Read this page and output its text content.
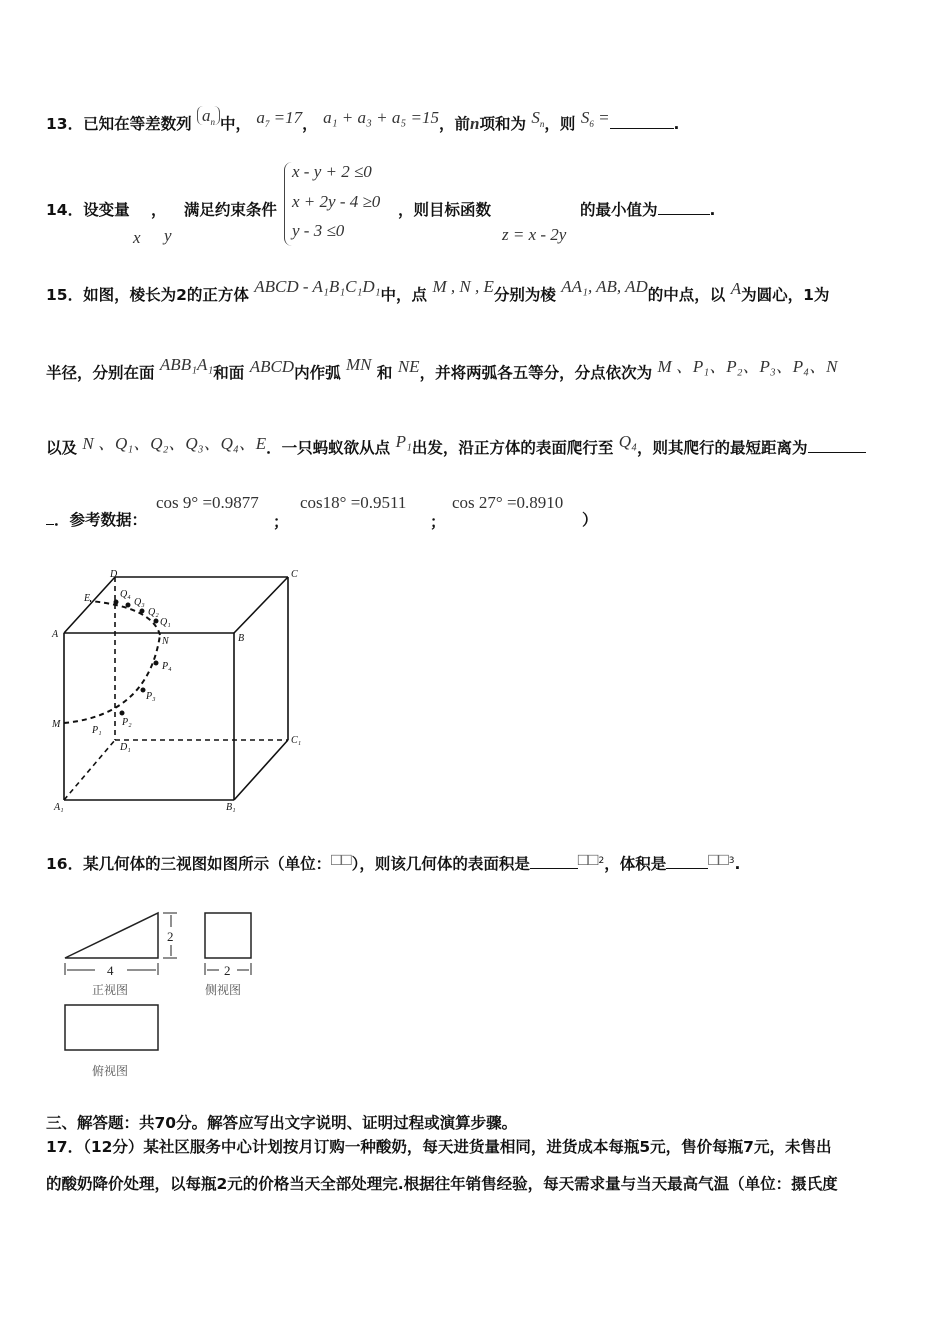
13．已知在等差数列 $a_n$ 中， $a_7 =17$， a₁ + a₃ + a₅ =15，前n项和为 $S_n$，则 $S_6$ =	.
14．设变量 ， 满足约束条件
x y
x - y + 2 ≤0
x + 2y - 4 ≥0
y - 3 ≤0
，则目标函数
z = x - 2y
的最小值为	.
15．如图，棱长为2的正方体 ABCD - A₁B₁C₁D₁中，点 M , N , E分别为棱 AA₁, AB, AD的中点，以 A为圆心，1为
半径，分别在面 ABB₁A₁和面 ABCD内作弧 MN 和 NE，并将两弧各五等分，分点依次为 M 、P₁、P₂、P₃、P₄、N
以及 N 、Q₁、Q₂、Q₃、Q₄、E．一只蚂蚁欲从点 P₁出发，沿正方体的表面爬行至 Q₄，则其爬行的最短距离为
．参考数据：
cos 9° =0.9877
；
cos18° =0.9511
；
cos 27° =0.8910
）
D	C
E	Q₄
Q₃
Q₂
Q₁
A	B
N
P₄
P₃
M	P₂
P₁
D₁
C₁
A₁	B₁
16．某几何体的三视图如图所示（单位：□□），则该几何体的表面积是	□□$^2$，体积是 □□$^3$.
2
4	2
正视图	侧视图
俯视图
三、解答题：共70分。解答应写出文字说明、证明过程或演算步骤。
17．（12分）某社区服务中心计划按月订购一种酸奶，每天进货量相同，进货成本每瓶5元，售价每瓶7元，未售出
的酸奶降价处理，以每瓶2元的价格当天全部处理完.根据往年销售经验，每天需求量与当天最高气温（单位：摄氏度
